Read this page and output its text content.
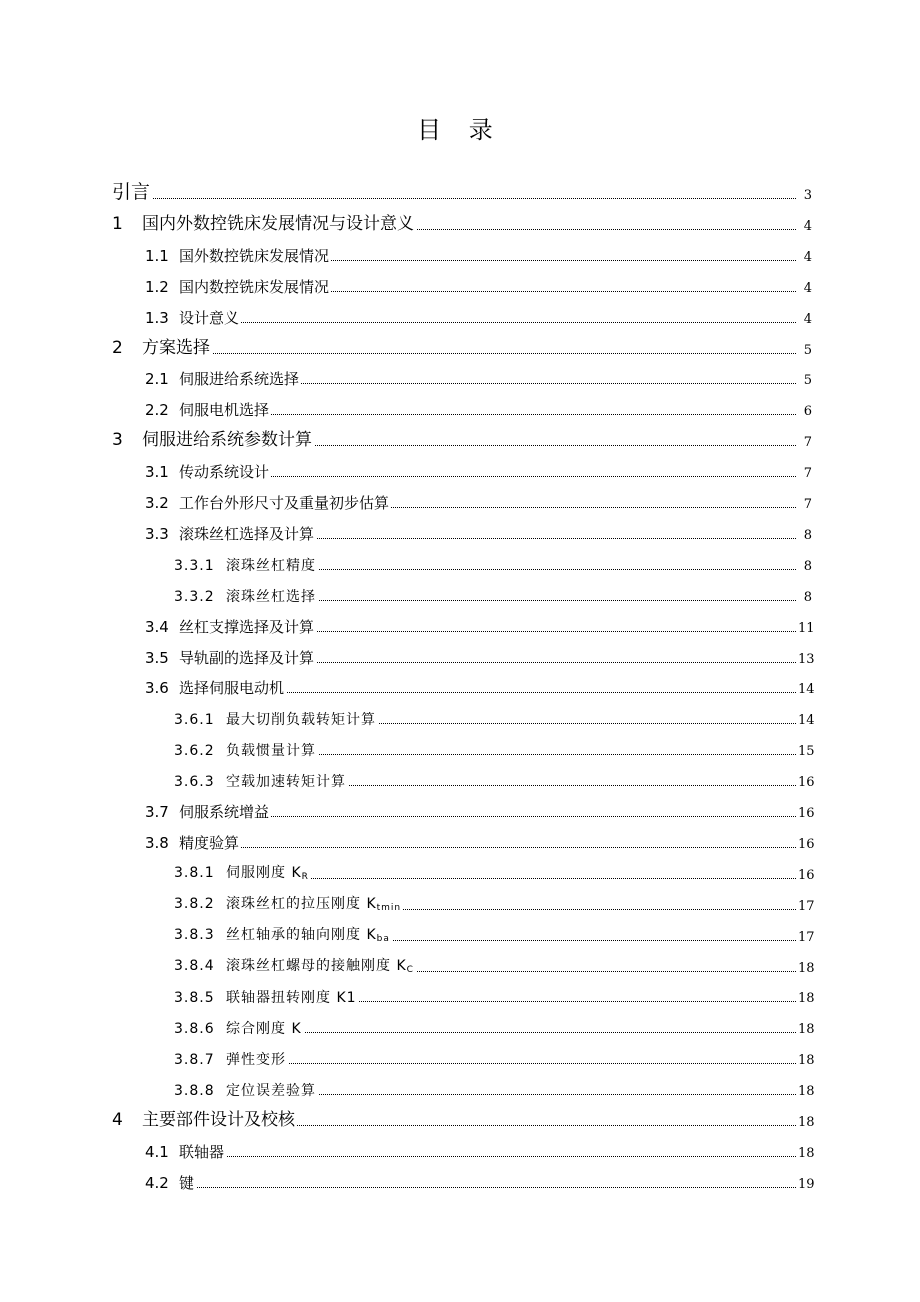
目 录
引言	3
1 国内外数控铣床发展情况与设计意义	4
1.1 国外数控铣床发展情况	4
1.2 国内数控铣床发展情况	4
1.3 设计意义	4
2 方案选择	5
2.1 伺服进给系统选择	5
2.2 伺服电机选择	6
3 伺服进给系统参数计算	7
3.1 传动系统设计	7
3.2 工作台外形尺寸及重量初步估算	7
3.3 滚珠丝杠选择及计算	8
3.3.1 滚珠丝杠精度	8
3.3.2 滚珠丝杠选择	8
3.4 丝杠支撑选择及计算	11
3.5 导轨副的选择及计算	13
3.6 选择伺服电动机	14
3.6.1 最大切削负载转矩计算	14
3.6.2 负载惯量计算	15
3.6.3 空载加速转矩计算	16
3.7 伺服系统增益	16
3.8 精度验算	16
3.8.1 伺服刚度 $K_R$	16
3.8.2 滚珠丝杠的拉压刚度 $K_{tmin}$	17
3.8.3 丝杠轴承的轴向刚度 $K_{ba}$	17
3.8.4 滚珠丝杠螺母的接触刚度 $K_C$	18
3.8.5 联轴器扭转刚度 K1	18
3.8.6 综合刚度 K	18
3.8.7 弹性变形	18
3.8.8 定位误差验算	18
4 主要部件设计及校核	18
4.1 联轴器	18
4.2 键	19
